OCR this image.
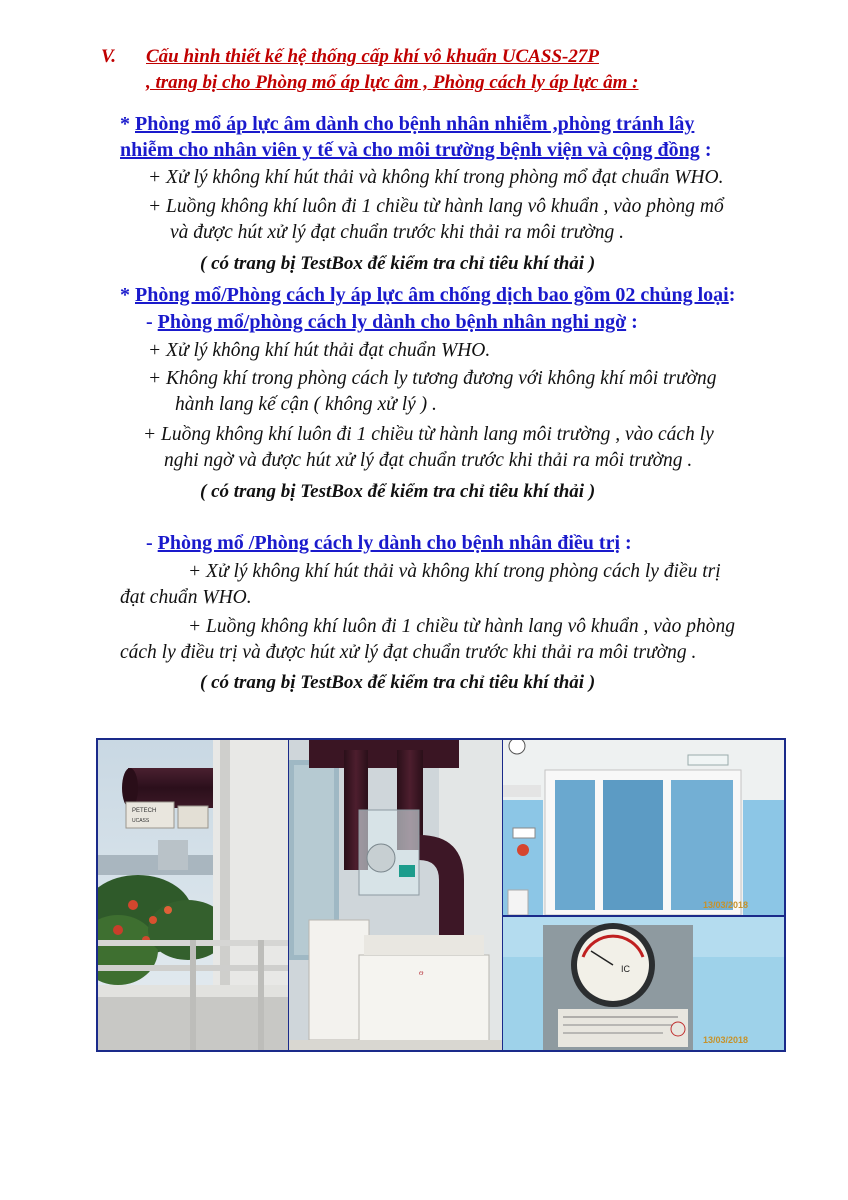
V. Cấu hình thiết kế hệ thống cấp khí vô khuẩn UCASS-27P
, trang bị cho Phòng mổ áp lực âm , Phòng cách ly áp lực âm :
* Phòng mổ áp lực âm dành cho bệnh nhân nhiễm ,phòng tránh lây
nhiễm cho nhân viên y tế và cho môi trường bệnh viện và cộng đồng :
+ Xử lý không khí hút thải và không khí trong phòng mổ đạt chuẩn WHO.
+ Luồng không khí luôn đi 1 chiều từ hành lang vô khuẩn , vào phòng mổ
và được hút xử lý đạt chuẩn trước khi thải ra môi trường .
( có trang bị TestBox để kiểm tra chỉ tiêu khí thải )
* Phòng mổ/Phòng cách ly áp lực âm chống dịch bao gồm 02 chủng loại:
- Phòng mổ/phòng cách ly dành cho bệnh nhân nghi ngờ :
+ Xử lý không khí hút thải đạt chuẩn WHO.
+ Không khí trong phòng cách ly tương đương với không khí môi trường
hành lang kế cận ( không xử lý ) .
+ Luồng không khí luôn đi 1 chiều từ hành lang môi trường , vào cách ly
nghi ngờ và được hút xử lý đạt chuẩn trước khi thải ra môi trường .
( có trang bị TestBox để kiểm tra chỉ tiêu khí thải )
- Phòng mổ /Phòng cách ly dành cho bệnh nhân điều trị :
+ Xử lý không khí hút thải và không khí trong phòng cách ly điều trị
đạt chuẩn WHO.
+ Luồng không khí luôn đi 1 chiều từ hành lang vô khuẩn , vào phòng
cách ly điều trị và được hút xử lý đạt chuẩn trước khi thải ra môi trường .
( có trang bị TestBox để kiểm tra chỉ tiêu khí thải )
PETECH
UCASS
Ɵ
13/03/2018
IC
13/03/2018
